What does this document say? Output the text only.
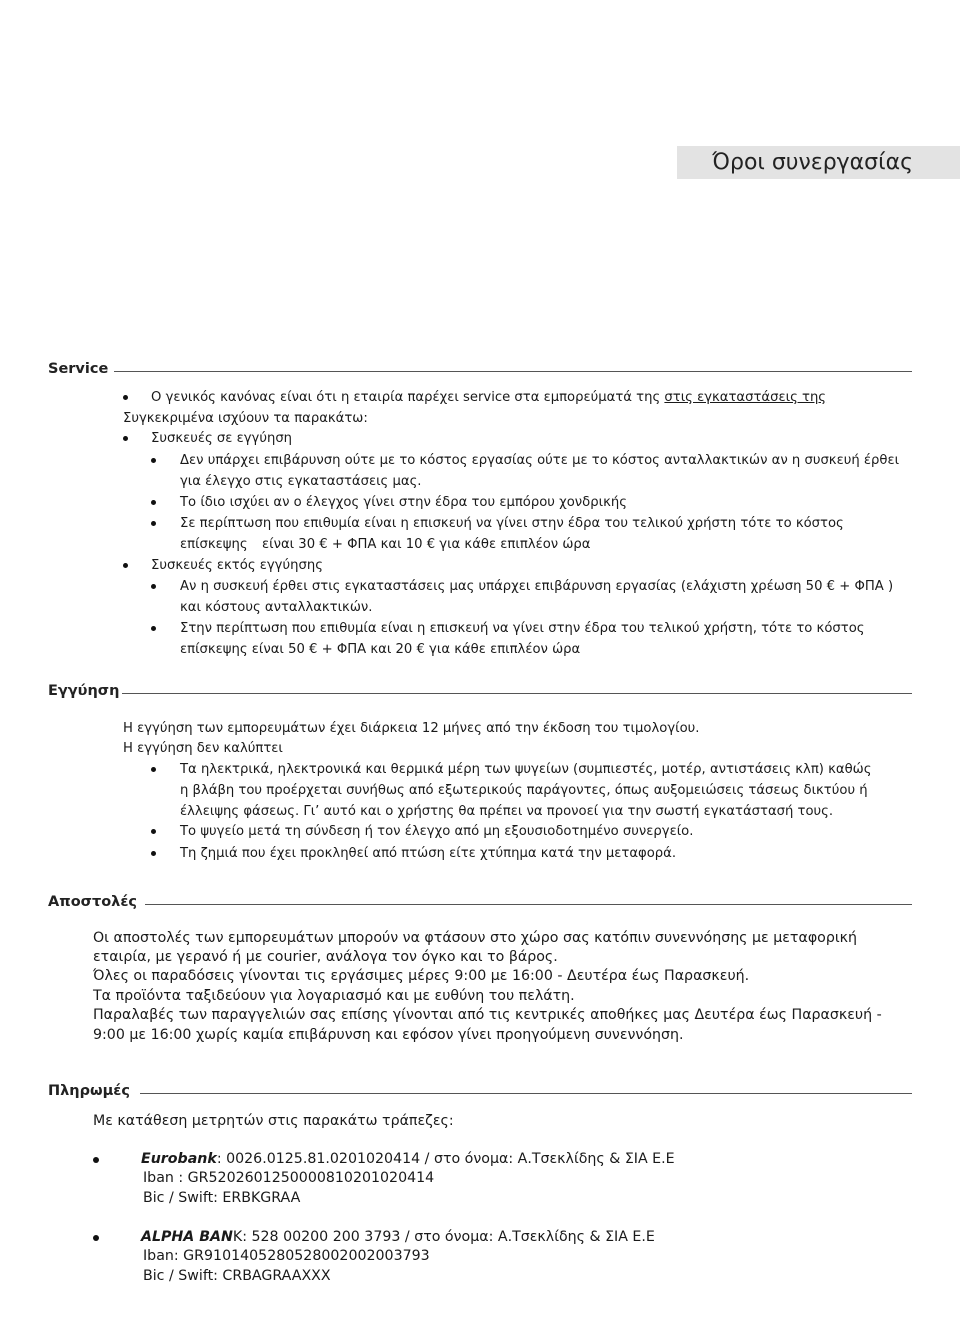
Όροι συνεργασίας
Service
Ο γενικός κανόνας είναι ότι η εταιρία παρέχει service στα εμπορεύματά της στις εγκαταστάσεις της
Συγκεκριμένα ισχύουν τα παρακάτω:
Συσκευές σε εγγύηση
Δεν υπάρχει επιβάρυνση ούτε με το κόστος εργασίας ούτε με το κόστος ανταλλακτικών αν η συσκευή έρθει
για έλεγχο στις εγκαταστάσεις μας.
Το ίδιο ισχύει αν ο έλεγχος γίνει στην έδρα του εμπόρου χονδρικής
Σε περίπτωση που επιθυμία είναι η επισκευή να γίνει στην έδρα του τελικού χρήστη τότε το κόστος
επίσκεψης είναι 30 € + ΦΠΑ και 10 € για κάθε επιπλέον ώρα
Συσκευές εκτός εγγύησης
Αν η συσκευή έρθει στις εγκαταστάσεις μας υπάρχει επιβάρυνση εργασίας (ελάχιστη χρέωση 50 € + ΦΠΑ )
και κόστους ανταλλακτικών.
Στην περίπτωση που επιθυμία είναι η επισκευή να γίνει στην έδρα του τελικού χρήστη, τότε το κόστος
επίσκεψης είναι 50 € + ΦΠΑ και 20 € για κάθε επιπλέον ώρα
Εγγύηση
Η εγγύηση των εμπορευμάτων έχει διάρκεια 12 μήνες από την έκδοση του τιμολογίου.
Η εγγύηση δεν καλύπτει
Τα ηλεκτρικά, ηλεκτρονικά και θερμικά μέρη των ψυγείων (συμπιεστές, μοτέρ, αντιστάσεις κλπ) καθώς
η βλάβη του προέρχεται συνήθως από εξωτερικούς παράγοντες, όπως αυξομειώσεις τάσεως δικτύου ή
έλλειψης φάσεως. Γι’ αυτό και ο χρήστης θα πρέπει να προνοεί για την σωστή εγκατάστασή τους.
Το ψυγείο μετά τη σύνδεση ή τον έλεγχο από μη εξουσιοδοτημένο συνεργείο.
Τη ζημιά που έχει προκληθεί από πτώση είτε χτύπημα κατά την μεταφορά.
Αποστολές
Οι αποστολές των εμπορευμάτων μπορούν να φτάσουν στο χώρο σας κατόπιν συνεννόησης με μεταφορική
εταιρία, με γερανό ή με courier, ανάλογα τον όγκο και το βάρος.
Όλες οι παραδόσεις γίνονται τις εργάσιμες μέρες 9:00 με 16:00 - Δευτέρα έως Παρασκευή.
Τα προϊόντα ταξιδεύουν για λογαριασμό και με ευθύνη του πελάτη.
Παραλαβές των παραγγελιών σας επίσης γίνονται από τις κεντρικές αποθήκες μας Δευτέρα έως Παρασκευή -
9:00 με 16:00 χωρίς καμία επιβάρυνση και εφόσον γίνει προηγούμενη συνεννόηση.
Πληρωμές
Με κατάθεση μετρητών στις παρακάτω τράπεζες:
Eurobank: 0026.0125.81.0201020414 / στο όνομα: Α.Τσεκλίδης & ΣΙΑ Ε.Ε
Iban : GR5202601250000810201020414
Bic / Swift: ERBKGRAA
ALPHA BANK: 528 00200 200 3793 / στο όνομα: Α.Τσεκλίδης & ΣΙΑ Ε.Ε
Iban: GR9101405280528002002003793
Bic / Swift: CRBAGRAAXXX
